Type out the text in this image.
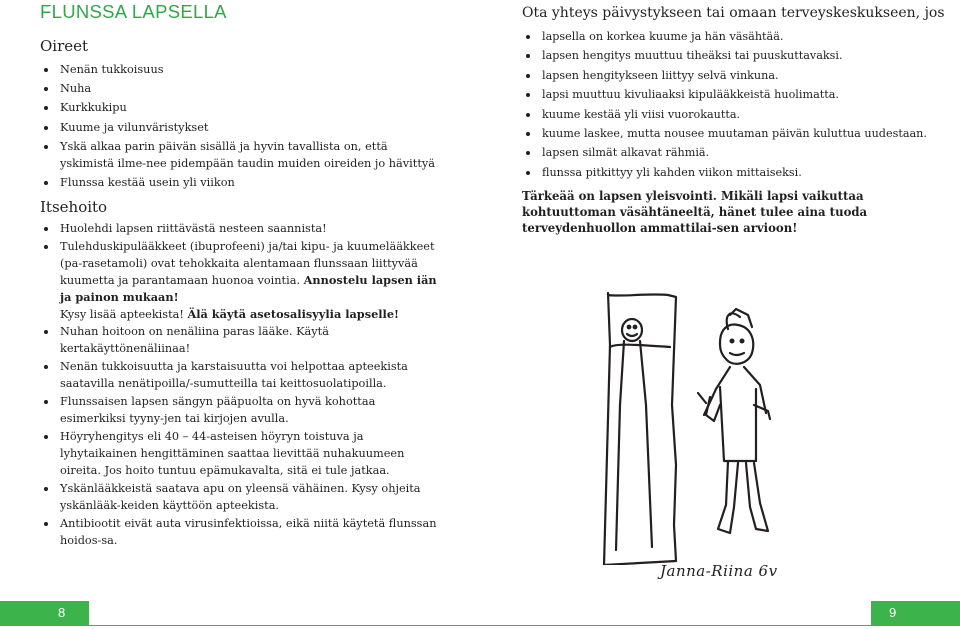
FLUNSSA LAPSELLA
Oireet
Nenän tukkoisuus
Nuha
Kurkkukipu
Kuume ja vilunväristykset
Yskä alkaa parin päivän sisällä ja hyvin tavallista on, että yskimistä ilme-nee pidempään taudin muiden oireiden jo hävittyä
Flunssa kestää usein yli viikon
Itsehoito
Huolehdi lapsen riittävästä nesteen saannista!
Tulehduskipulääkkeet (ibuprofeeni) ja/tai kipu- ja kuumelääkkeet (pa-rasetamoli) ovat tehokkaita alentamaan flunssaan liittyvää kuumetta ja parantamaan huonoa vointia. Annostelu lapsen iän ja painon mukaan!
Kysy lisää apteekista! Älä käytä asetosalisyylia lapselle!
Nuhan hoitoon on nenäliina paras lääke. Käytä kertakäyttönenäliinaa!
Nenän tukkoisuutta ja karstaisuutta voi helpottaa apteekista saatavilla nenätipoilla/-sumutteilla tai keittosuolatipoilla.
Flunssaisen lapsen sängyn pääpuolta on hyvä kohottaa esimerkiksi tyyny-jen tai kirjojen avulla.
Höyryhengitys eli 40 – 44-asteisen höyryn toistuva ja lyhytaikainen hengittäminen saattaa lievittää nuhakuumeen oireita. Jos hoito tuntuu epämukavalta, sitä ei tule jatkaa.
Yskänlääkkeistä saatava apu on yleensä vähäinen. Kysy ohjeita yskänlääk-keiden käyttöön apteekista.
Antibiootit eivät auta virusinfektioissa, eikä niitä käytetä flunssan hoidos-sa.
8
Ota yhteys päivystykseen tai omaan terveyskeskukseen, jos
lapsella on korkea kuume ja hän väsähtää.
lapsen hengitys muuttuu tiheäksi tai puuskuttavaksi.
lapsen hengitykseen liittyy selvä vinkuna.
lapsi muuttuu kivuliaaksi kipulääkkeistä huolimatta.
kuume kestää yli viisi vuorokautta.
kuume laskee, mutta nousee muutaman päivän kuluttua uudestaan.
lapsen silmät alkavat rähmiä.
flunssa pitkittyy yli kahden viikon mittaiseksi.
Tärkeää on lapsen yleisvointi. Mikäli lapsi vaikuttaa kohtuuttoman väsähtäneeltä, hänet tulee aina tuoda terveydenhuollon ammattilai-sen arvioon!
Janna-Riina 6v
9
